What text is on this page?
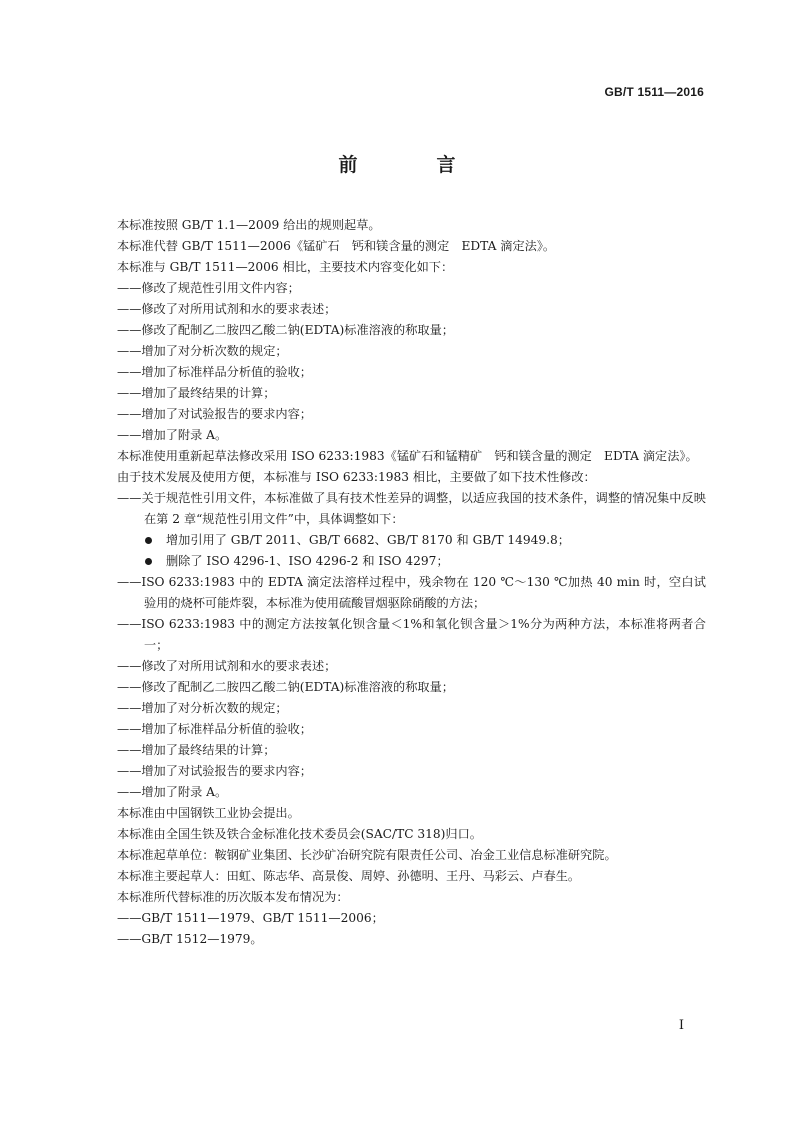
GB/T 1511—2016
前　言
本标准按照 GB/T 1.1—2009 给出的规则起草。
本标准代替 GB/T 1511—2006《锰矿石　钙和镁含量的测定　EDTA 滴定法》。
本标准与 GB/T 1511—2006 相比，主要技术内容变化如下：
——修改了规范性引用文件内容；
——修改了对所用试剂和水的要求表述；
——修改了配制乙二胺四乙酸二钠(EDTA)标准溶液的称取量；
——增加了对分析次数的规定；
——增加了标准样品分析值的验收；
——增加了最终结果的计算；
——增加了对试验报告的要求内容；
——增加了附录 A。
本标准使用重新起草法修改采用 ISO 6233:1983《锰矿石和锰精矿　钙和镁含量的测定　EDTA 滴定法》。
由于技术发展及使用方便，本标准与 ISO 6233:1983 相比，主要做了如下技术性修改：
——关于规范性引用文件，本标准做了具有技术性差异的调整，以适应我国的技术条件，调整的情况集中反映在第 2 章“规范性引用文件”中，具体调整如下：
增加引用了 GB/T 2011、GB/T 6682、GB/T 8170 和 GB/T 14949.8；
删除了 ISO 4296-1、ISO 4296-2 和 ISO 4297；
——ISO 6233:1983 中的 EDTA 滴定法溶样过程中，残余物在 120 ℃～130 ℃加热 40 min 时，空白试验用的烧杯可能炸裂，本标准为使用硫酸冒烟驱除硝酸的方法；
——ISO 6233:1983 中的测定方法按氧化钡含量＜1%和氧化钡含量＞1%分为两种方法，本标准将两者合一；
——修改了对所用试剂和水的要求表述；
——修改了配制乙二胺四乙酸二钠(EDTA)标准溶液的称取量；
——增加了对分析次数的规定；
——增加了标准样品分析值的验收；
——增加了最终结果的计算；
——增加了对试验报告的要求内容；
——增加了附录 A。
本标准由中国钢铁工业协会提出。
本标准由全国生铁及铁合金标准化技术委员会(SAC/TC 318)归口。
本标准起草单位：鞍钢矿业集团、长沙矿冶研究院有限责任公司、冶金工业信息标准研究院。
本标准主要起草人：田虹、陈志华、高景俊、周婷、孙德明、王丹、马彩云、卢春生。
本标准所代替标准的历次版本发布情况为：
——GB/T 1511—1979、GB/T 1511—2006；
——GB/T 1512—1979。
I
